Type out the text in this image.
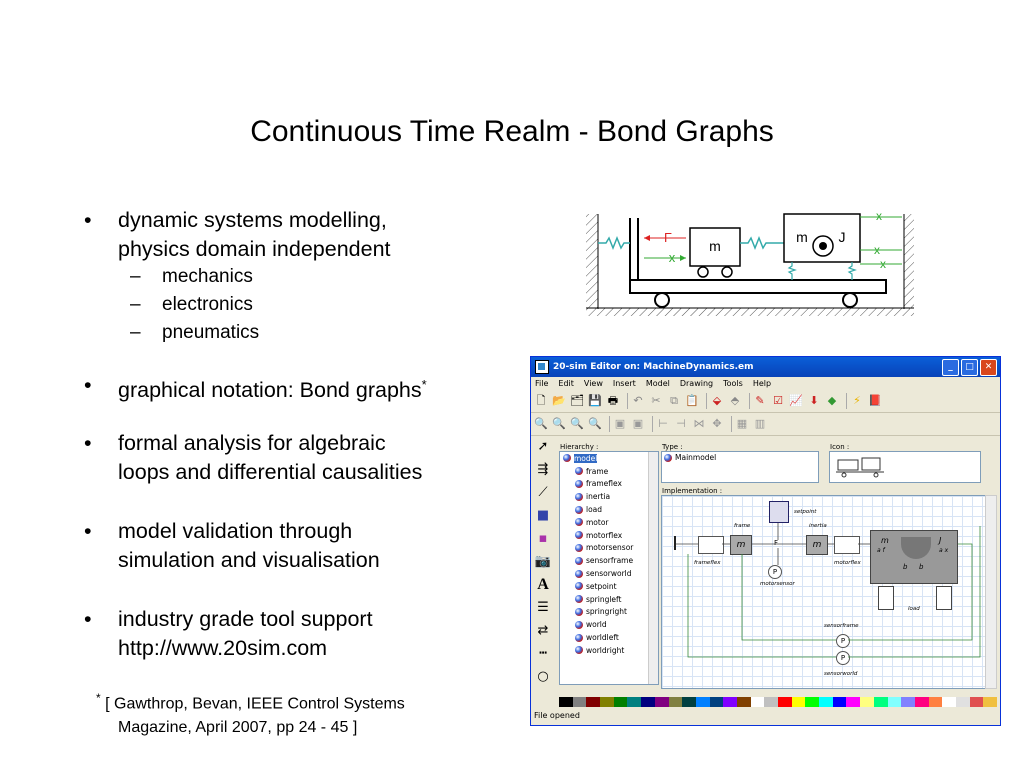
Continuous Time Realm - Bond Graphs
• dynamic systems modelling,
physics domain independent
– mechanics
– electronics
– pneumatics
• graphical notation: Bond graphs*
• formal analysis for algebraic
loops and differential causalities
• model validation through
simulation and visualisation
• industry grade tool support
http://www.20sim.com
* [ Gawthrop, Bevan, IEEE Control Systems
Magazine, April 2007, pp 24 - 45 ]
m
F
x
m J
x
x
x
20-sim Editor on: MachineDynamics.em	_	□	✕
File Edit View Insert Model Drawing Tools Help
🗋 📂 🗂 💾 🖶 ↶ ✂ ⧉ 📋 ⬙ ⬘ ✎ ☑ 📈 ⬇ ◆ ⚡ 📕
🔍 🔍 🔍 🔍 ▣ ▣ ⊢ ⊣ ⋈ ✥ ▦ ▥
➚
⇶
⟋
■
▪
📷
A
☰
⇄
┅
○
Hierarchy :
model
frame
frameflex
inertia
load
motor
motorflex
motorsensor
sensorframe
sensorworld
setpoint
springleft
springright
world
worldleft
worldright
Type :
Mainmodel
Icon :
Implementation :
setpoint
frame	inertia
frameflex
m	F	m
motorflex
P
motorsensor
m	J
a f	a x
b b
load
sensorframe
P
P
sensorworld
File opened
